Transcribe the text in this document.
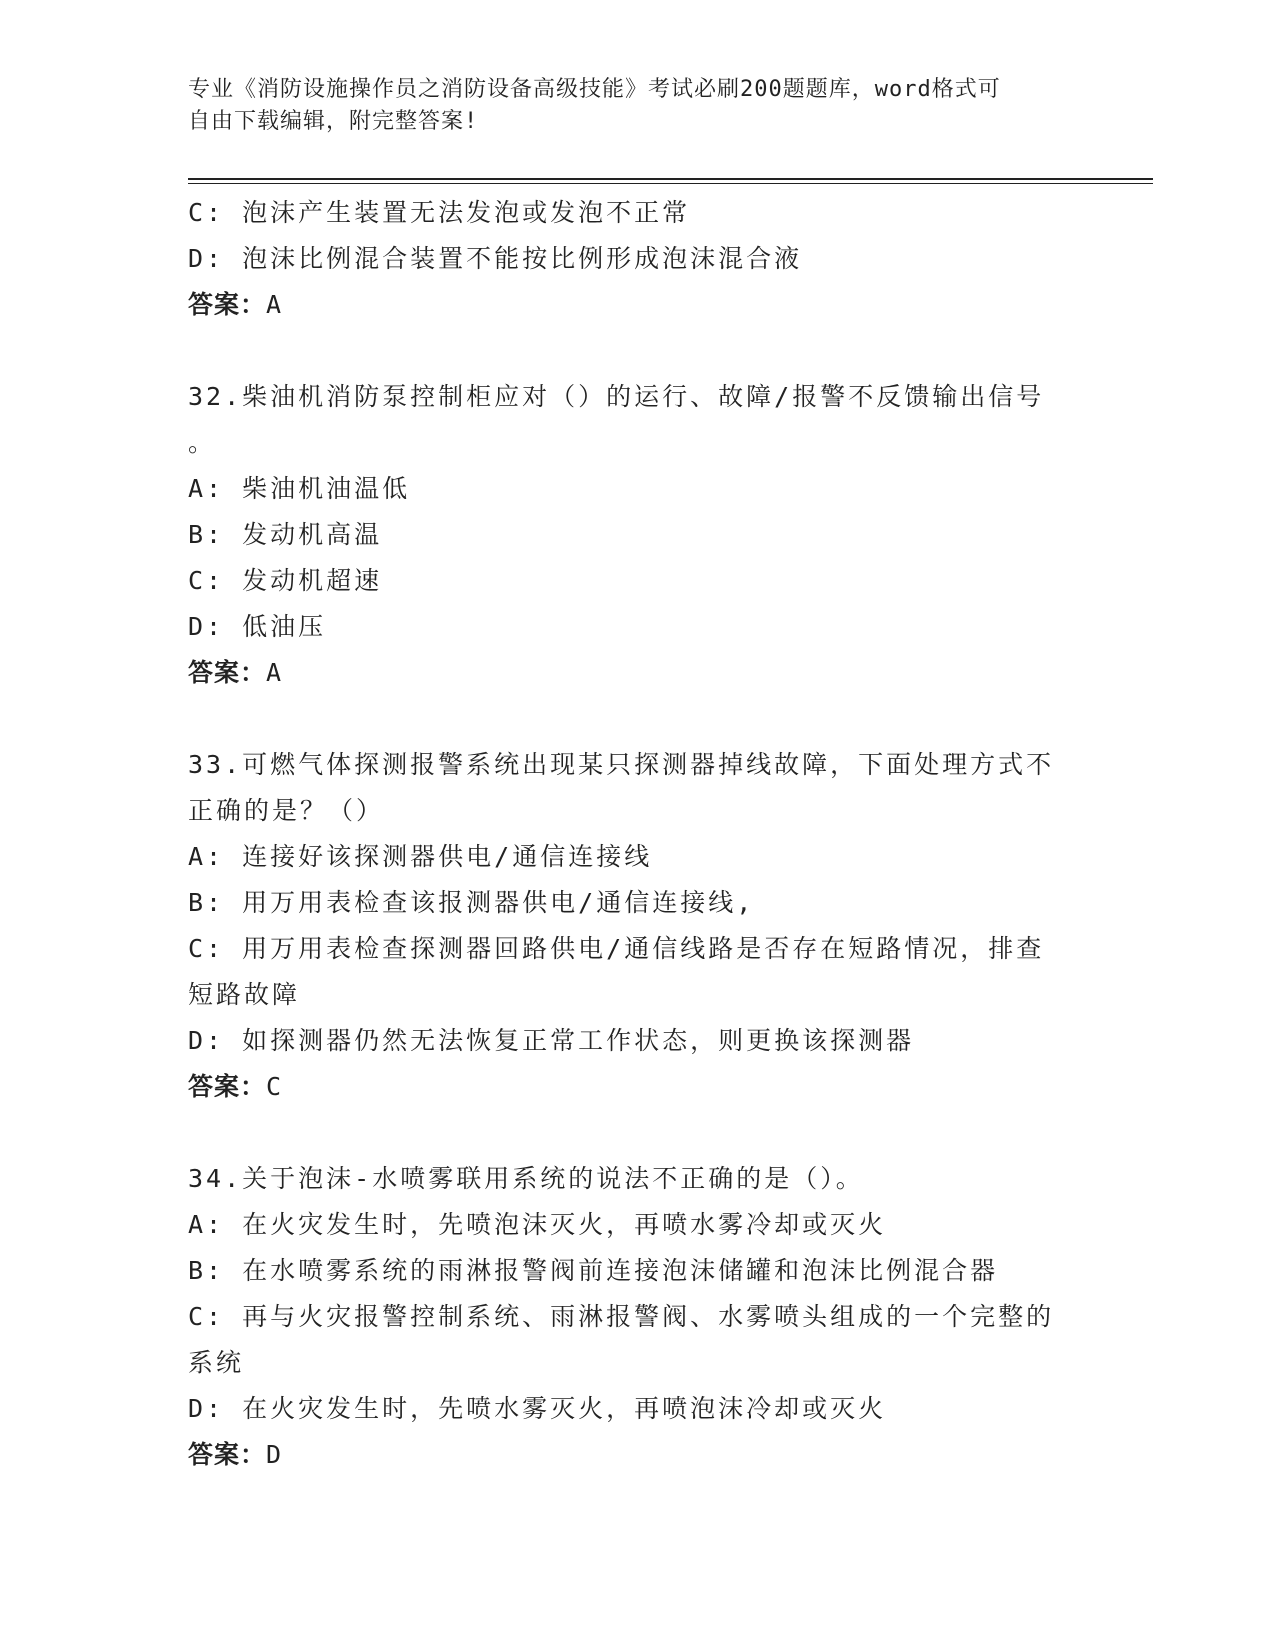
专业《消防设施操作员之消防设备高级技能》考试必刷200题题库，word格式可
自由下载编辑，附完整答案!
C: 泡沫产生装置无法发泡或发泡不正常
D: 泡沫比例混合装置不能按比例形成泡沫混合液
答案：A
32.柴油机消防泵控制柜应对（）的运行、故障/报警不反馈输出信号
。
A: 柴油机油温低
B: 发动机高温
C: 发动机超速
D: 低油压
答案：A
33.可燃气体探测报警系统出现某只探测器掉线故障，下面处理方式不
正确的是？（）
A: 连接好该探测器供电/通信连接线
B: 用万用表检查该报测器供电/通信连接线,
C: 用万用表检查探测器回路供电/通信线路是否存在短路情况，排查
短路故障
D: 如探测器仍然无法恢复正常工作状态，则更换该探测器
答案：C
34.关于泡沫-水喷雾联用系统的说法不正确的是（）。
A: 在火灾发生时，先喷泡沫灭火，再喷水雾冷却或灭火
B: 在水喷雾系统的雨淋报警阀前连接泡沫储罐和泡沫比例混合器
C: 再与火灾报警控制系统、雨淋报警阀、水雾喷头组成的一个完整的
系统
D: 在火灾发生时，先喷水雾灭火，再喷泡沫冷却或灭火
答案：D
